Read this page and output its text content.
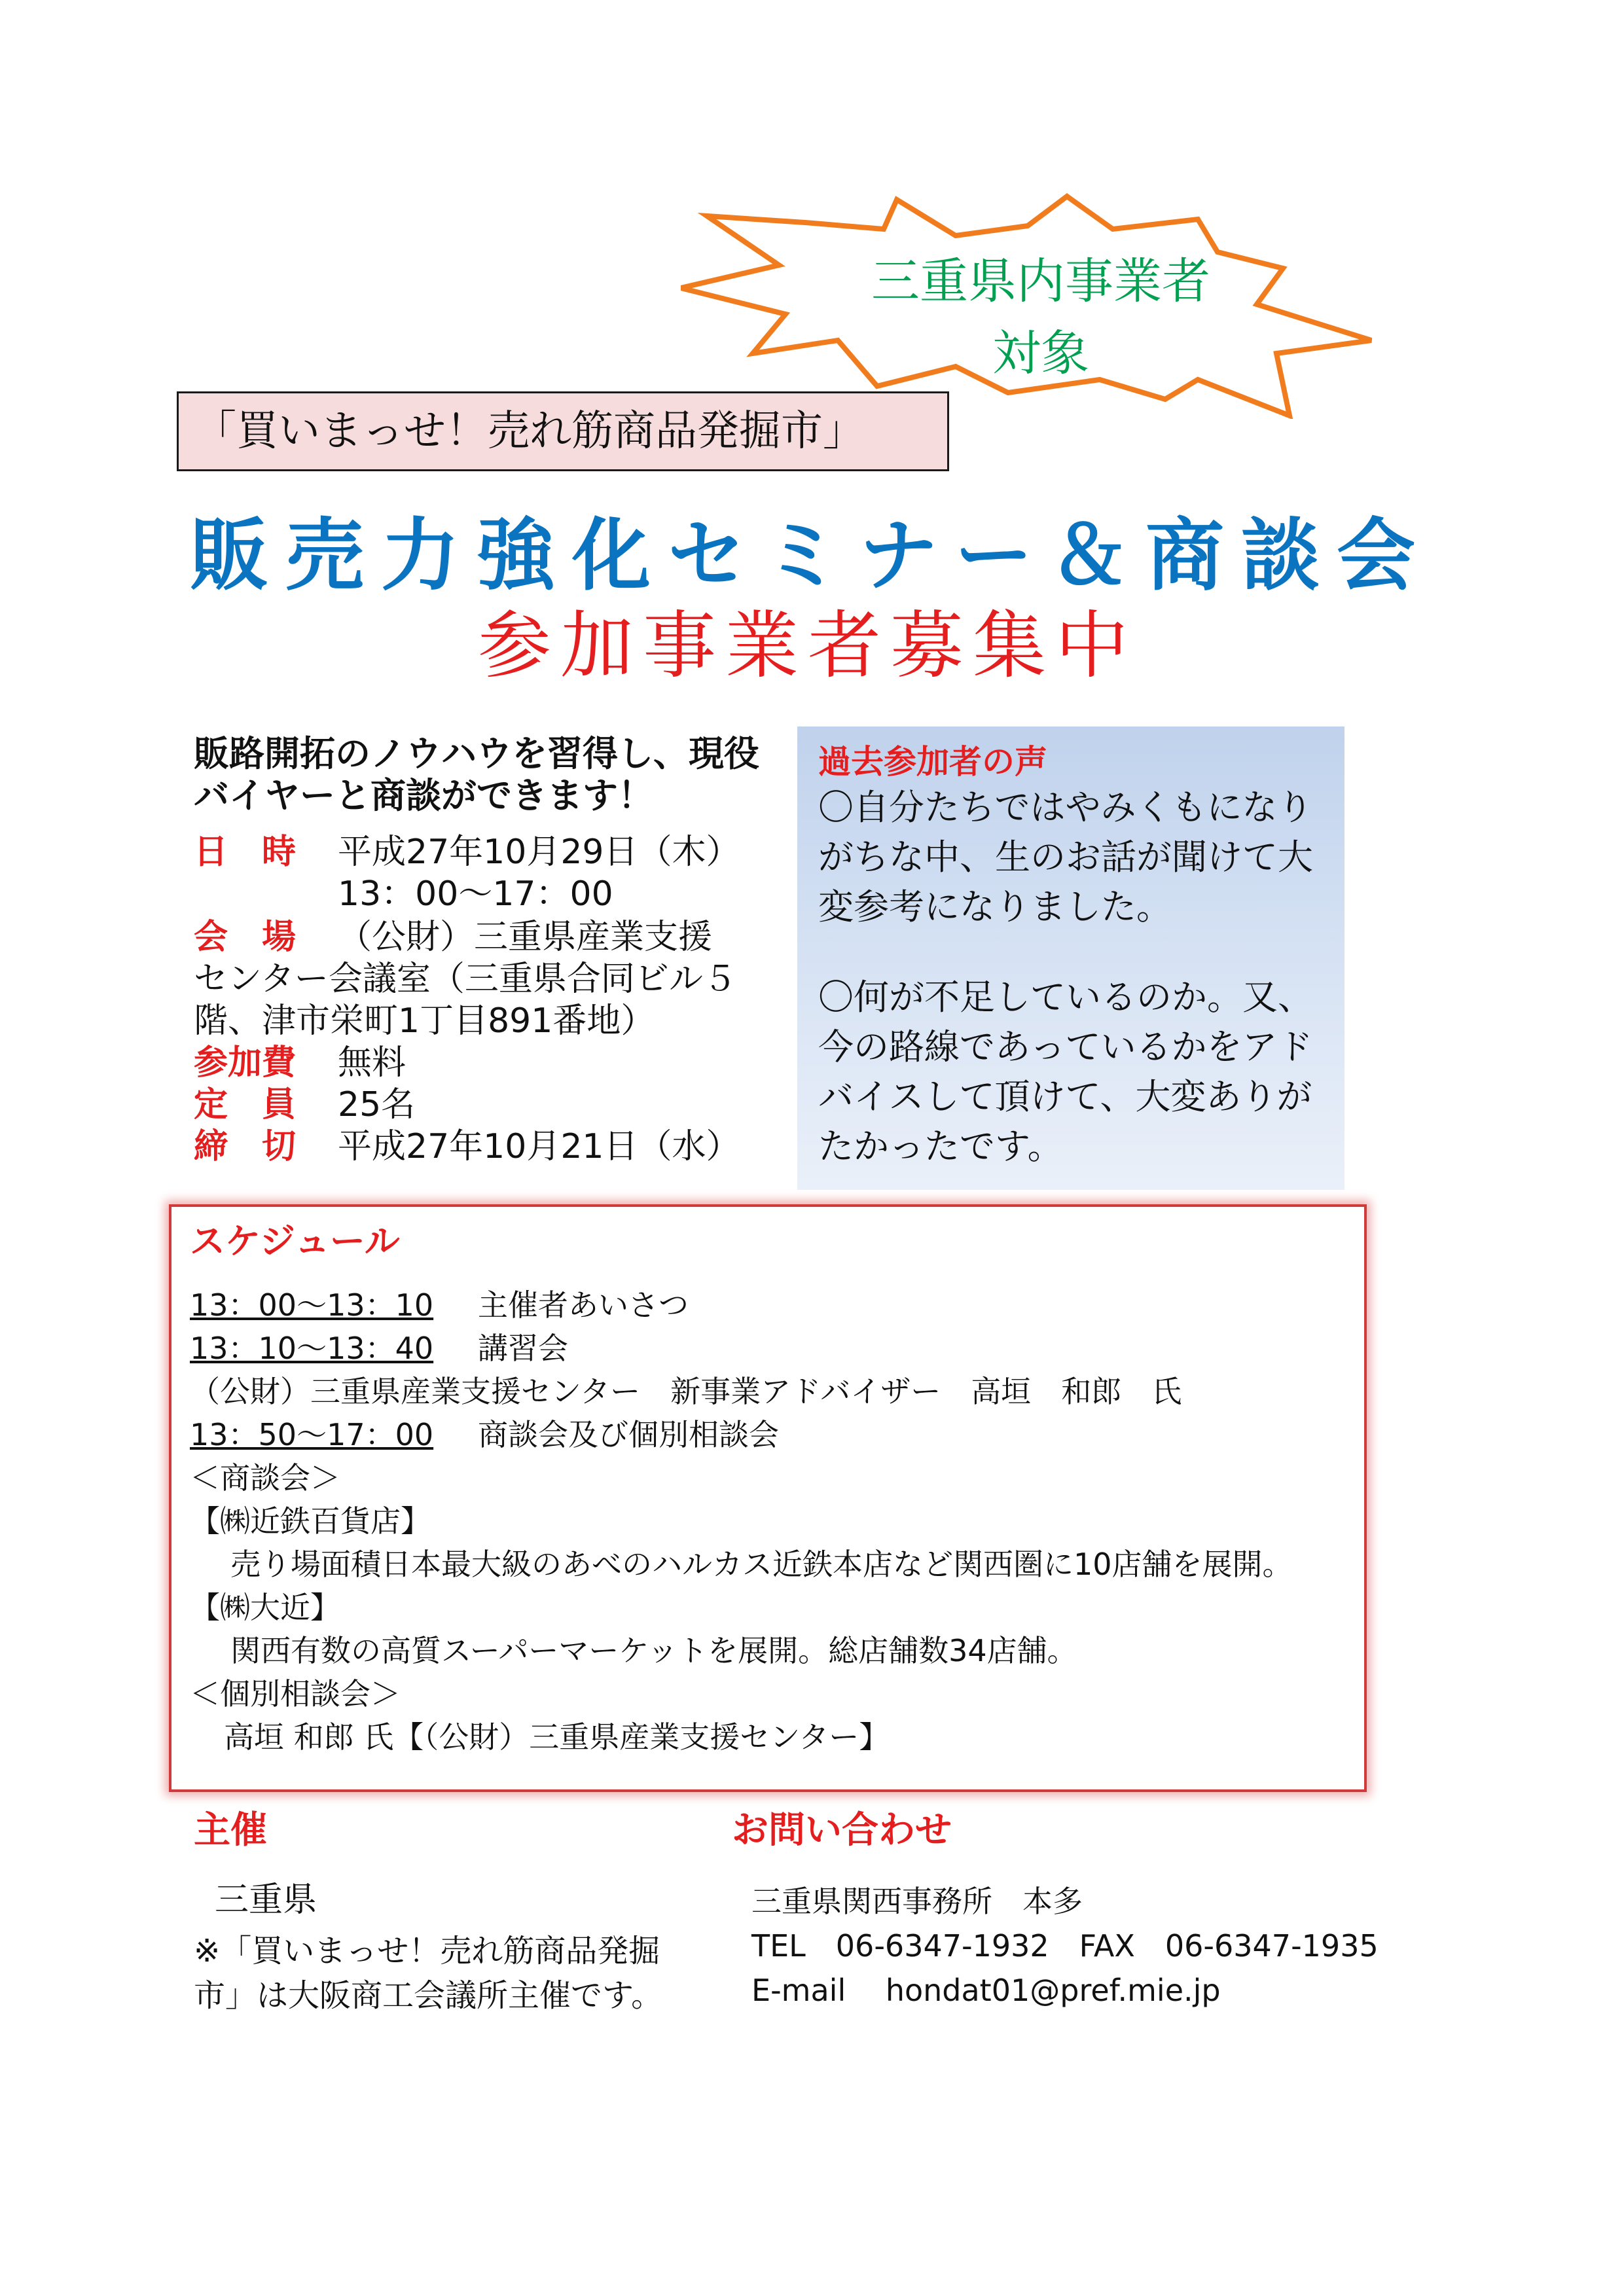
三重県内事業者
対象
「買いまっせ！売れ筋商品発掘市」
販売力強化セミナー＆商談会
参加事業者募集中
販路開拓のノウハウを習得し、現役バイヤーと商談ができます！
日　時 平成27年10月29日（木）
13：00～17：00
会　場 （公財）三重県産業支援
センター会議室（三重県合同ビル５
階、津市栄町1丁目891番地）
参加費 無料
定　員 25名
締　切 平成27年10月21日（水）
過去参加者の声

〇自分たちではやみくもになり

がちな中、生のお話が聞けて大

変参考になりました。

〇何が不足しているのか。又、

今の路線であっているかをアド

バイスして頂けて、大変ありが

たかったです。

スケジュール
13：00～13：10 主催者あいさつ
13：10～13：40 講習会
（公財）三重県産業支援センター　新事業アドバイザー　高垣　和郎　氏
13：50～17：00 商談会及び個別相談会
＜商談会＞
【㈱近鉄百貨店】
売り場面積日本最大級のあべのハルカス近鉄本店など関西圏に10店舗を展開。
【㈱大近】
関西有数の高質スーパーマーケットを展開。総店舗数34店舗。
＜個別相談会＞
高垣 和郎 氏【（公財）三重県産業支援センター】
主催
三重県
※「買いまっせ！売れ筋商品発掘
市」は大阪商工会議所主催です。
お問い合わせ
三重県関西事務所　本多
TEL　06-6347-1932　FAX　06-6347-1935
E-mail　 hondat01@pref.mie.jp
